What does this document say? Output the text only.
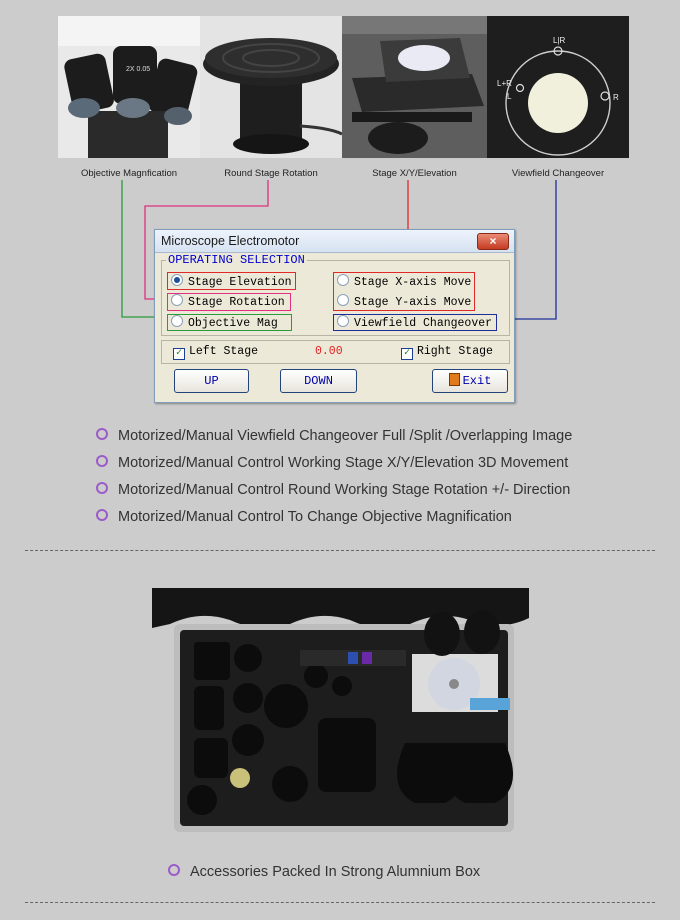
2X 0.05
L|R
L+R
L	R
Objective Magnfication	Round Stage Rotation	Stage X/Y/Elevation	Viewfield Changeover
Microscope Electromotor	×
OPERATING SELECTION
Stage Elevation	Stage X-axis Move
Stage Rotation	Stage Y-axis Move
Objective Mag	Viewfield Changeover
✓ Left Stage	0.00	✓ Right Stage
UP	DOWN	Exit
Motorized/Manual Viewfield Changeover Full /Split /Overlapping Image
Motorized/Manual Control Working Stage X/Y/Elevation 3D Movement
Motorized/Manual Control Round Working Stage Rotation +/- Direction
Motorized/Manual Control To Change Objective Magnification
Accessories Packed In Strong Alumnium Box
